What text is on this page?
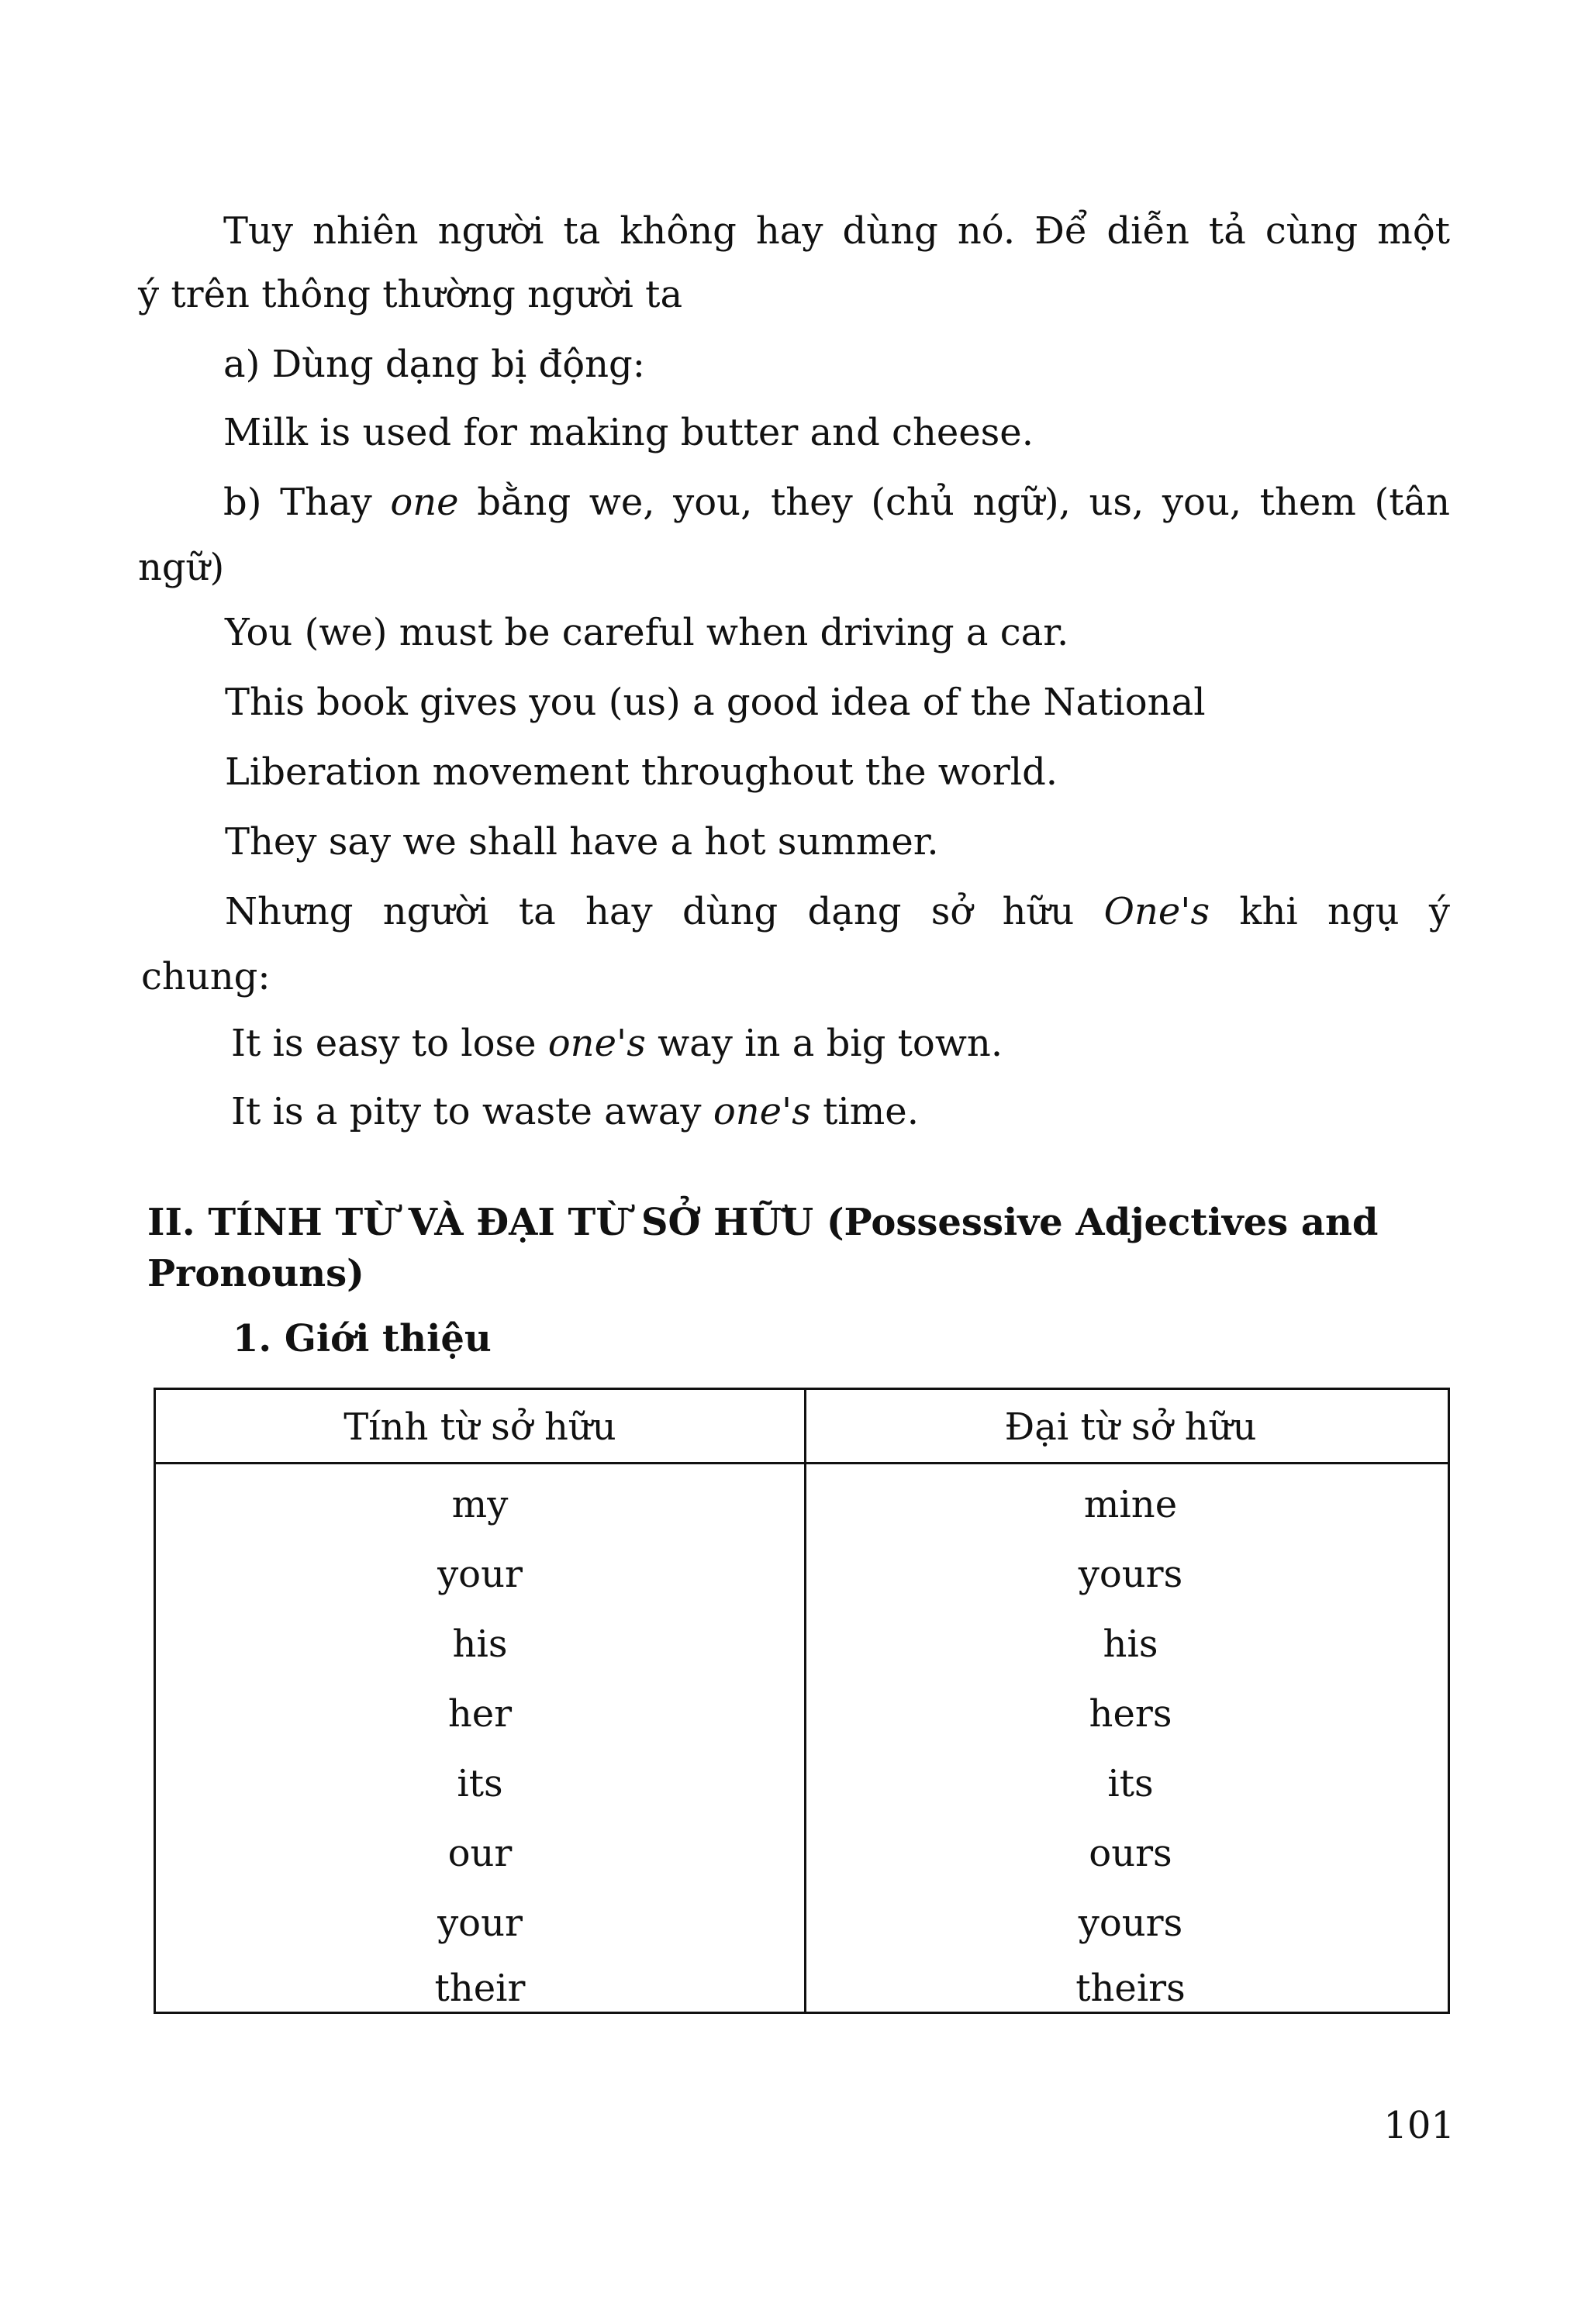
Tuy nhiên người ta không hay dùng nó. Để diễn tả cùng một
ý trên thông thường người ta
a) Dùng dạng bị động:
Milk is used for making butter and cheese.
b) Thay one bằng we, you, they (chủ ngữ), us, you, them (tân
ngữ)
You (we) must be careful when driving a car.
This book gives you (us) a good idea of the National
Liberation movement throughout the world.
They say we shall have a hot summer.
Nhưng người ta hay dùng dạng sở hữu One's khi ngụ ý
chung:
It is easy to lose one's way in a big town.
It is a pity to waste away one's time.
II. TÍNH TỪ VÀ ĐẠI TỪ SỞ HỮU (Possessive Adjectives and
Pronouns)
1. Giới thiệu
Tính từ sở hữu	Đại từ sở hữu
my	mine
your	yours
his	his
her	hers
its	its
our	ours
your	yours
their	theirs
101
